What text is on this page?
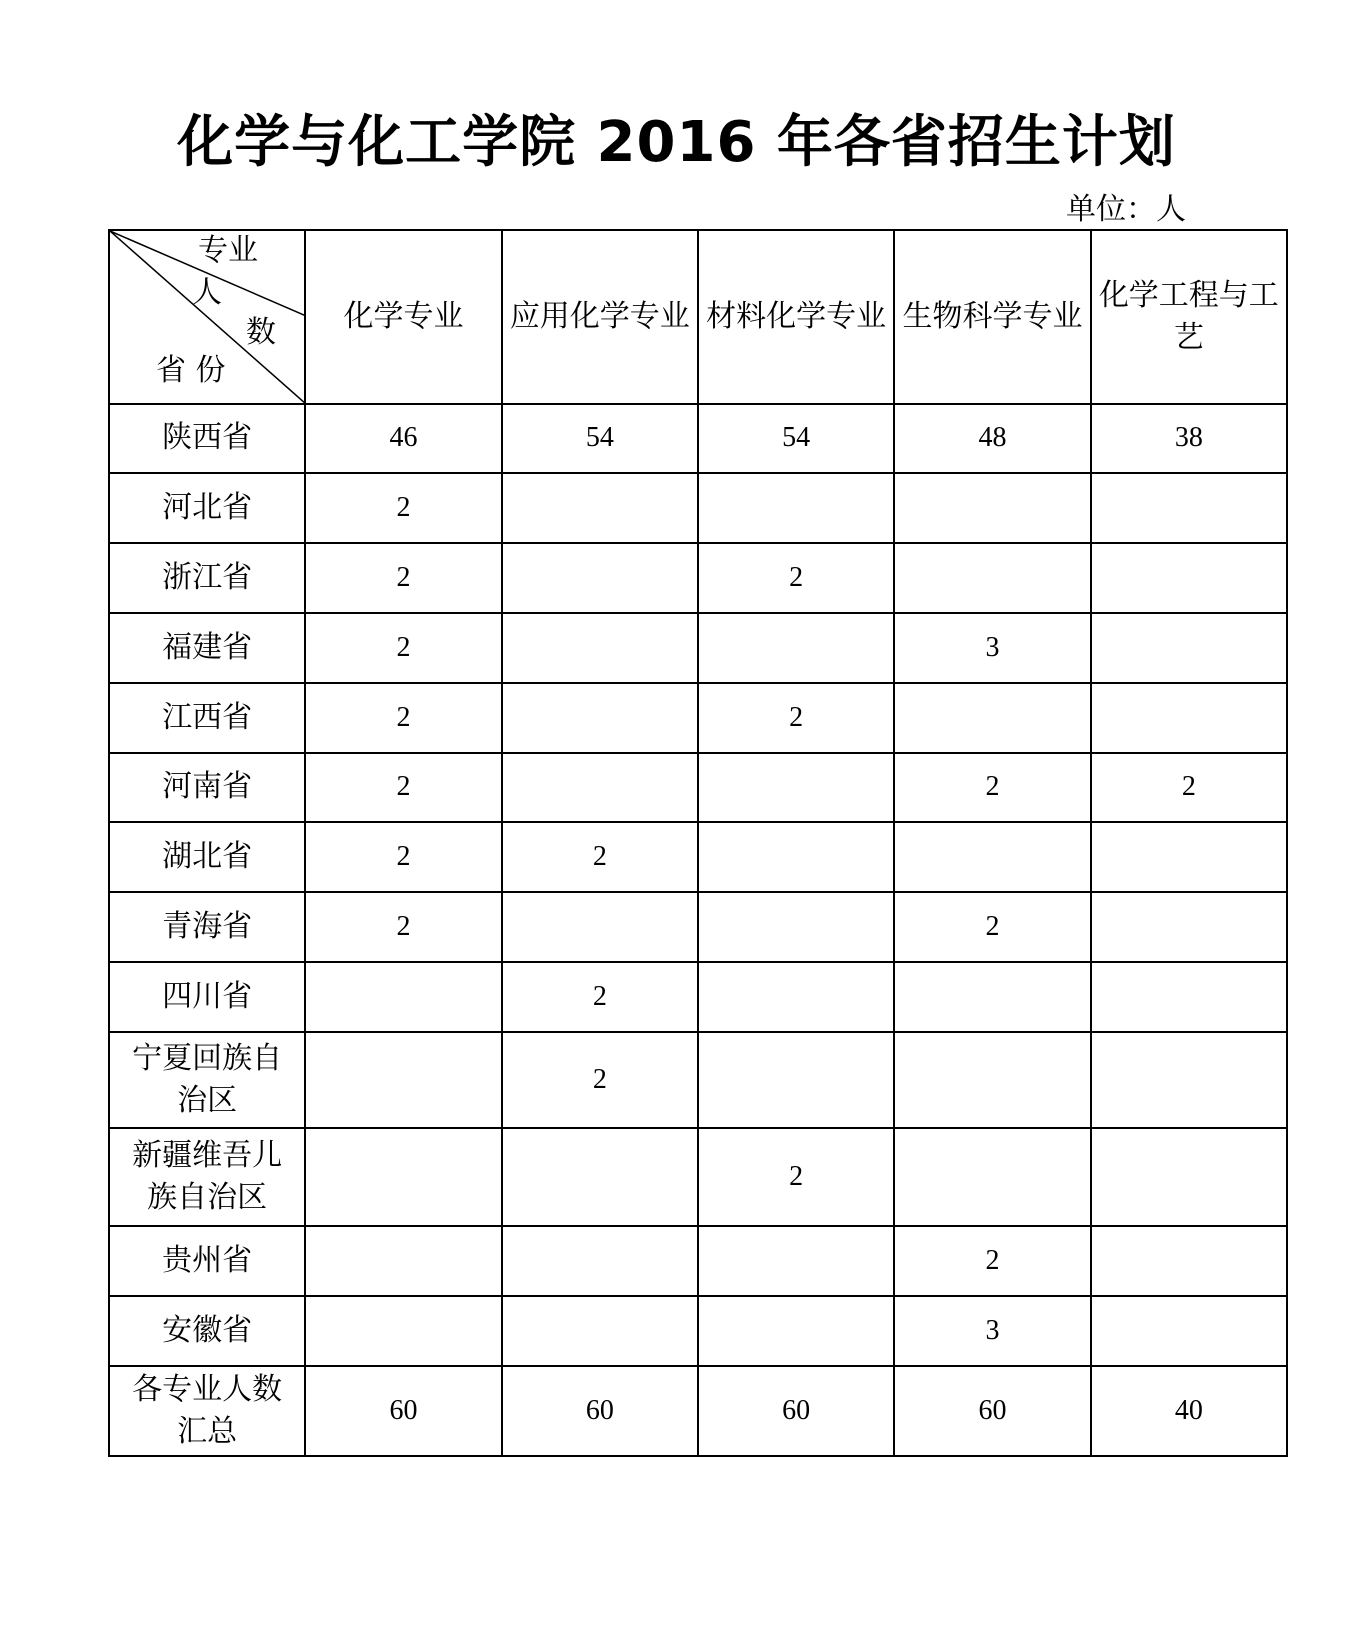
化学与化工学院 2016 年各省招生计划
单位：人
专业
人
数
省 份	化学专业	应用化学专业	材料化学专业	生物科学专业	化学工程与工艺
陕西省	46	54	54	48	38
河北省	2				
浙江省	2		2		
福建省	2			3	
江西省	2		2		
河南省	2			2	2
湖北省	2	2			
青海省	2			2	
四川省		2			
宁夏回族自治区		2			
新疆维吾儿族自治区			2		
贵州省				2	
安徽省				3	
各专业人数汇总	60	60	60	60	40
